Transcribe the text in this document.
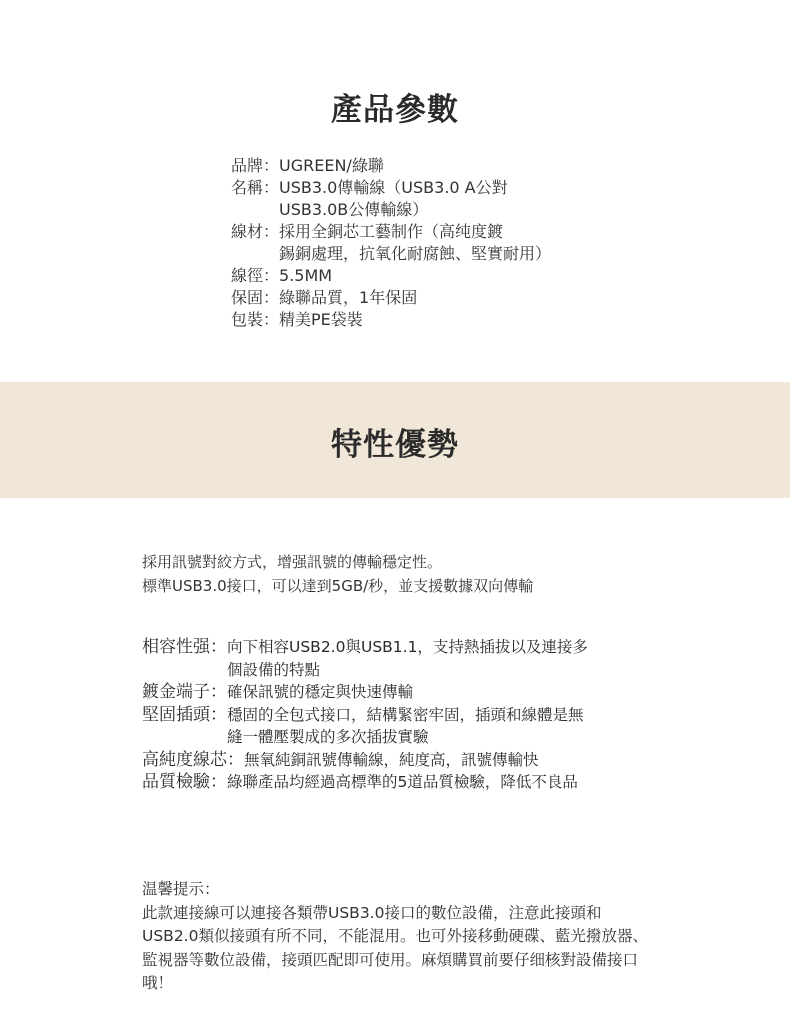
產品參數
品牌： UGREEN/綠聯
名稱： USB3.0傳輸線（USB3.0 A公對
USB3.0B公傳輸線）
線材： 採用全銅芯工藝制作（高纯度鍍
錫銅處理，抗氧化耐腐蝕、堅實耐用）
線徑： 5.5MM
保固： 綠聯品質，1年保固
包裝： 精美PE袋裝
特性優勢
採用訊號對絞方式，增强訊號的傳輸穩定性。
標準USB3.0接口，可以達到5GB/秒，並支援數據双向傳輸
相容性强： 向下相容USB2.0與USB1.1，支持熱插拔以及連接多
個設備的特點
鍍金端子： 確保訊號的穩定與快速傳輸
堅固插頭： 穩固的全包式接口，結構緊密牢固，插頭和線體是無
縫一體壓製成的多次插拔實驗
高純度線芯： 無氧純銅訊號傳輸線，純度高，訊號傳輸快
品質檢驗： 綠聯產品均經過高標準的5道品質檢驗，降低不良品
温馨提示：
此款連接線可以連接各類帶USB3.0接口的數位設備，注意此接頭和USB2.0類似接頭有所不同，不能混用。也可外接移動硬碟、藍光撥放器、監視器等數位設備，接頭匹配即可使用。麻煩購買前要仔细核對設備接口哦！
